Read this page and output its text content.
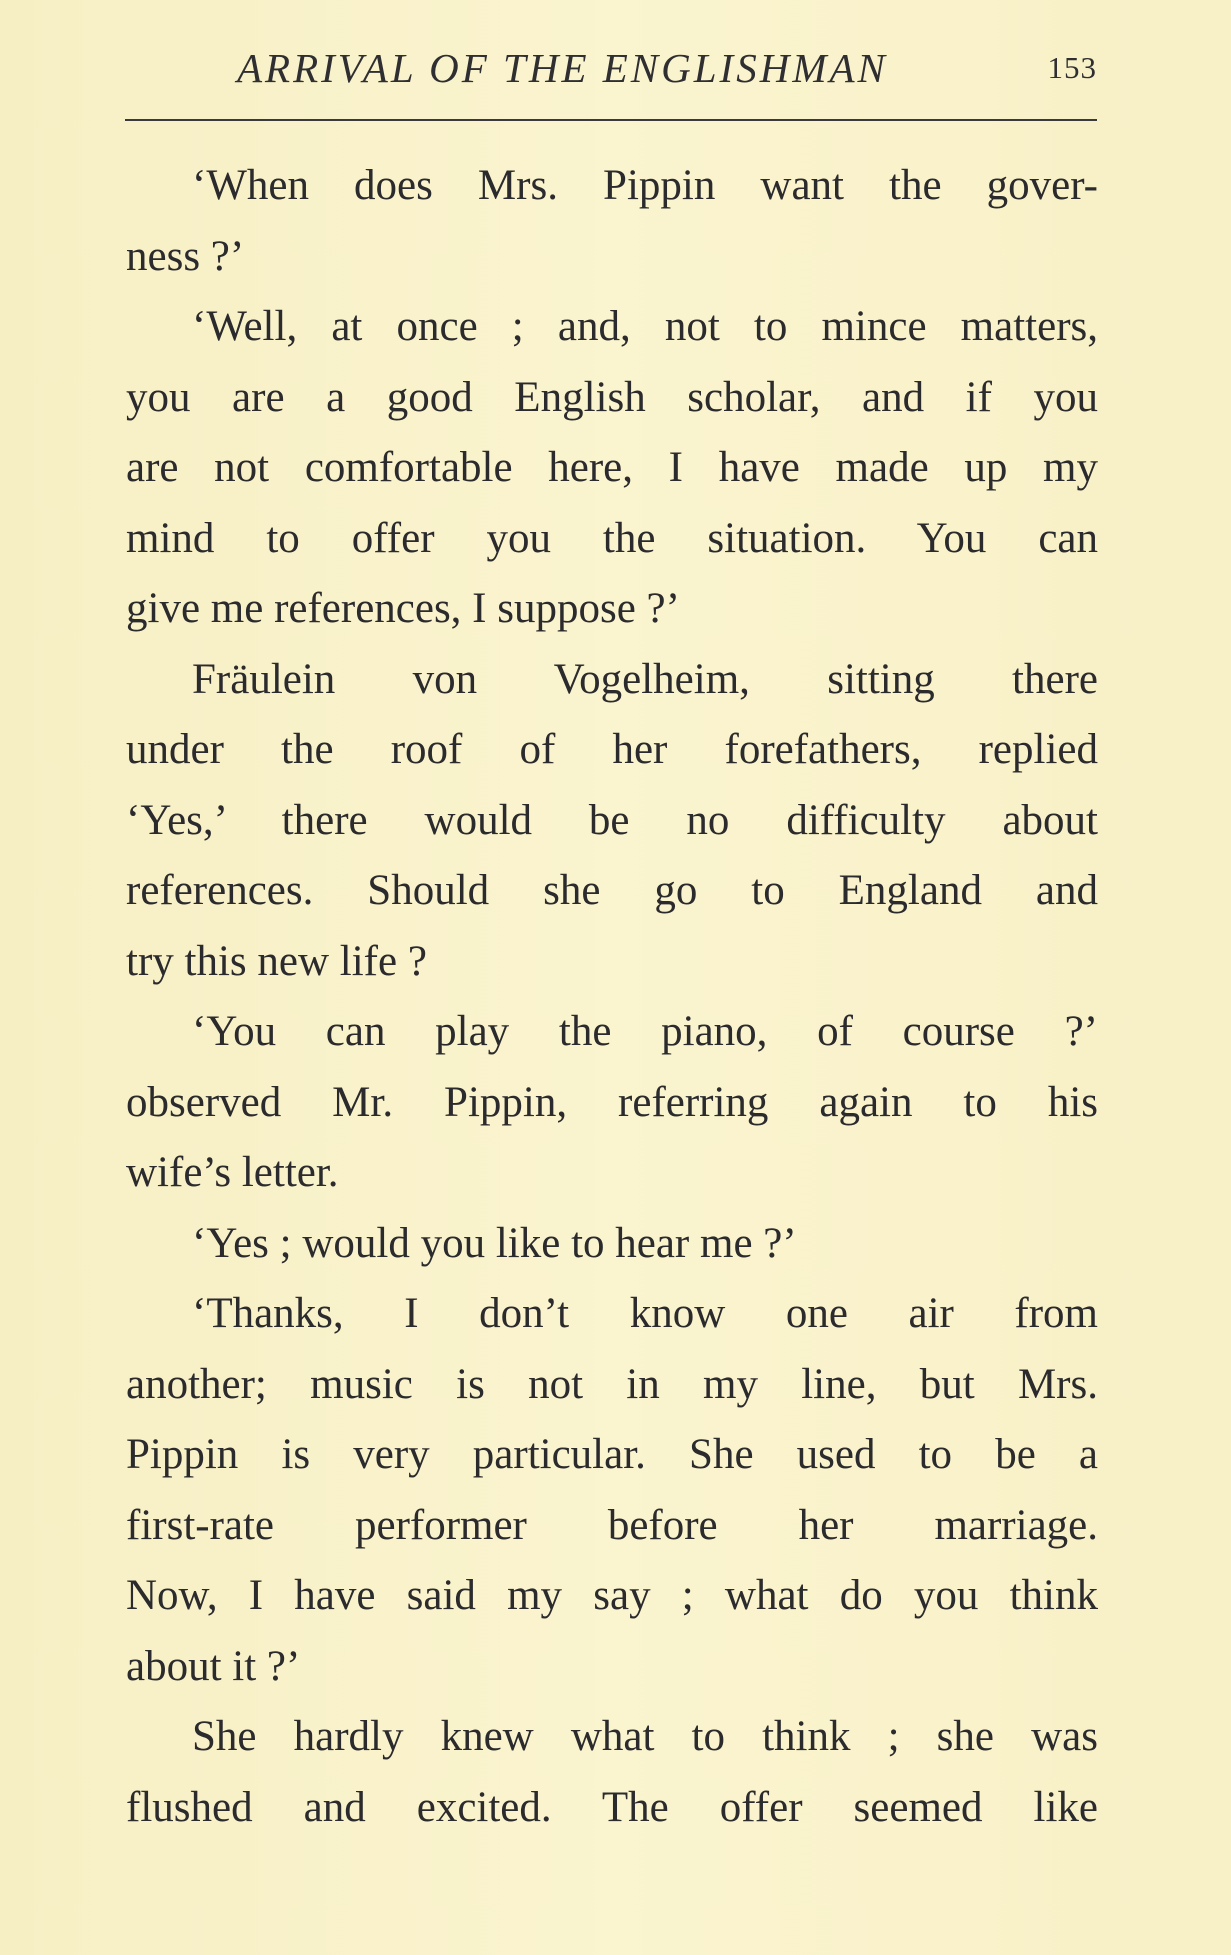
ARRIVAL OF THE ENGLISHMAN	153
‘When does Mrs. Pippin want the gover-
ness ?’
‘Well, at once ; and, not to mince matters,
you are a good English scholar, and if you
are not comfortable here, I have made up my
mind to offer you the situation. You can
give me references, I suppose ?’
Fräulein von Vogelheim, sitting there
under the roof of her forefathers, replied
‘Yes,’ there would be no difficulty about
references. Should she go to England and
try this new life ?
‘You can play the piano, of course ?’
observed Mr. Pippin, referring again to his
wife’s letter.
‘Yes ; would you like to hear me ?’
‘Thanks, I don’t know one air from
another; music is not in my line, but Mrs.
Pippin is very particular. She used to be a
first-rate performer before her marriage.
Now, I have said my say ; what do you think
about it ?’
She hardly knew what to think ; she was
flushed and excited. The offer seemed like
